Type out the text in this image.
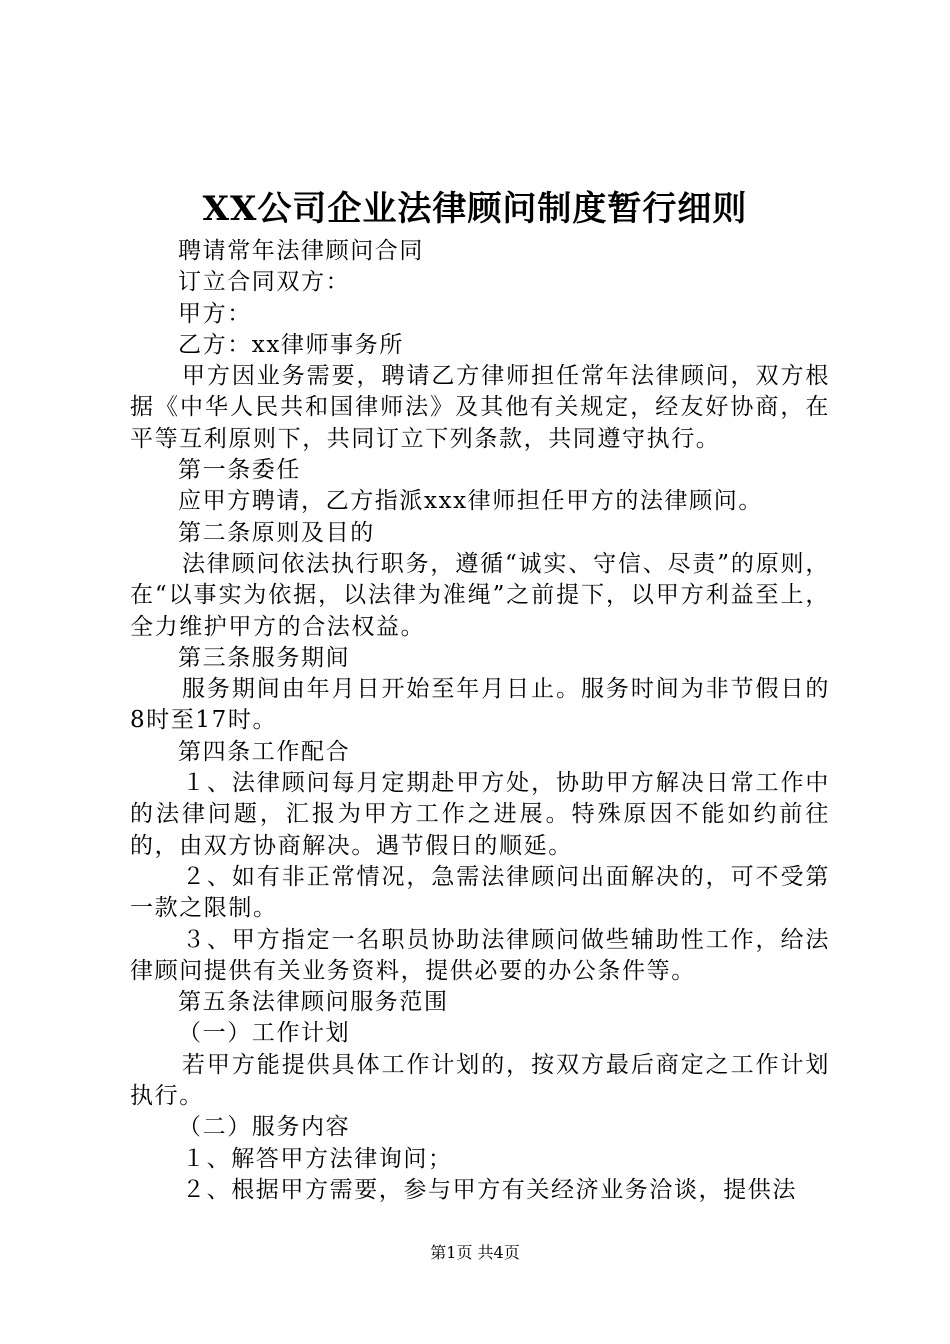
XX公司企业法律顾问制度暂行细则

聘请常年法律顾问合同

订立合同双方：

甲方：

乙方：xx律师事务所

甲方因业务需要，聘请乙方律师担任常年法律顾问，双方根据《中华人民共和国律师法》及其他有关规定，经友好协商，在平等互利原则下，共同订立下列条款，共同遵守执行。

第一条委任

应甲方聘请，乙方指派xxx律师担任甲方的法律顾问。

第二条原则及目的

法律顾问依法执行职务，遵循“诚实、守信、尽责”的原则，在“以事实为依据，以法律为准绳”之前提下，以甲方利益至上，全力维护甲方的合法权益。

第三条服务期间

服务期间由年月日开始至年月日止。服务时间为非节假日的8时至17时。

第四条工作配合

１、法律顾问每月定期赴甲方处，协助甲方解决日常工作中的法律问题，汇报为甲方工作之进展。特殊原因不能如约前往的，由双方协商解决。遇节假日的顺延。

２、如有非正常情况，急需法律顾问出面解决的，可不受第一款之限制。

３、甲方指定一名职员协助法律顾问做些辅助性工作，给法律顾问提供有关业务资料，提供必要的办公条件等。

第五条法律顾问服务范围

（一）工作计划

若甲方能提供具体工作计划的，按双方最后商定之工作计划执行。

（二）服务内容

１、解答甲方法律询问；

２、根据甲方需要，参与甲方有关经济业务洽谈，提供法

第1页 共4页
